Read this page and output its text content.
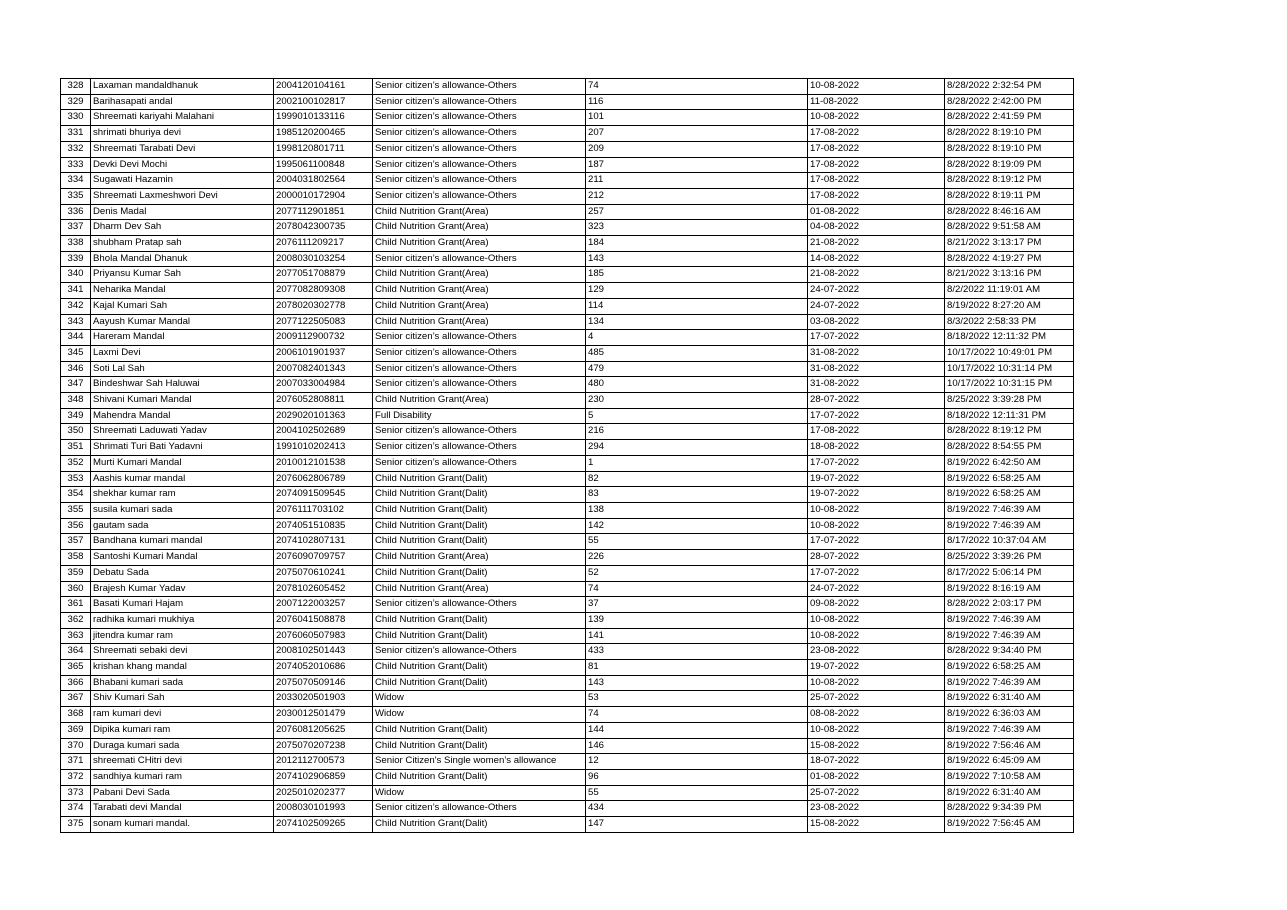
328	Laxaman mandaldhanuk	2004120104161	Senior citizen’s allowance-Others	74	10-08-2022	8/28/2022 2:32:54 PM
329	Barihasapati andal	2002100102817	Senior citizen’s allowance-Others	116	11-08-2022	8/28/2022 2:42:00 PM
330	Shreemati kariyahi Malahani	1999010133116	Senior citizen’s allowance-Others	101	10-08-2022	8/28/2022 2:41:59 PM
331	shrimati bhuriya devi	1985120200465	Senior citizen’s allowance-Others	207	17-08-2022	8/28/2022 8:19:10 PM
332	Shreemati Tarabati Devi	1998120801711	Senior citizen’s allowance-Others	209	17-08-2022	8/28/2022 8:19:10 PM
333	Devki Devi Mochi	1995061100848	Senior citizen’s allowance-Others	187	17-08-2022	8/28/2022 8:19:09 PM
334	Sugawati Hazamin	2004031802564	Senior citizen’s allowance-Others	211	17-08-2022	8/28/2022 8:19:12 PM
335	Shreemati Laxmeshwori Devi	2000010172904	Senior citizen’s allowance-Others	212	17-08-2022	8/28/2022 8:19:11 PM
336	Denis Madal	2077112901851	Child Nutrition Grant(Area)	257	01-08-2022	8/28/2022 8:46:16 AM
337	Dharm Dev Sah	2078042300735	Child Nutrition Grant(Area)	323	04-08-2022	8/28/2022 9:51:58 AM
338	shubham Pratap sah	2076111209217	Child Nutrition Grant(Area)	184	21-08-2022	8/21/2022 3:13:17 PM
339	Bhola Mandal Dhanuk	2008030103254	Senior citizen’s allowance-Others	143	14-08-2022	8/28/2022 4:19:27 PM
340	Priyansu Kumar Sah	2077051708879	Child Nutrition Grant(Area)	185	21-08-2022	8/21/2022 3:13:16 PM
341	Neharika Mandal	2077082809308	Child Nutrition Grant(Area)	129	24-07-2022	8/2/2022 11:19:01 AM
342	Kajal Kumari Sah	2078020302778	Child Nutrition Grant(Area)	114	24-07-2022	8/19/2022 8:27:20 AM
343	Aayush Kumar Mandal	2077122505083	Child Nutrition Grant(Area)	134	03-08-2022	8/3/2022 2:58:33 PM
344	Hareram Mandal	2009112900732	Senior citizen’s allowance-Others	4	17-07-2022	8/18/2022 12:11:32 PM
345	Laxmi Devi	2006101901937	Senior citizen’s allowance-Others	485	31-08-2022	10/17/2022 10:49:01 PM
346	Soti Lal Sah	2007082401343	Senior citizen’s allowance-Others	479	31-08-2022	10/17/2022 10:31:14 PM
347	Bindeshwar Sah Haluwai	2007033004984	Senior citizen’s allowance-Others	480	31-08-2022	10/17/2022 10:31:15 PM
348	Shivani Kumari Mandal	2076052808811	Child Nutrition Grant(Area)	230	28-07-2022	8/25/2022 3:39:28 PM
349	Mahendra Mandal	2029020101363	Full Disability	5	17-07-2022	8/18/2022 12:11:31 PM
350	Shreemati Laduwati Yadav	2004102502689	Senior citizen’s allowance-Others	216	17-08-2022	8/28/2022 8:19:12 PM
351	Shrimati Turi Bati Yadavni	1991010202413	Senior citizen’s allowance-Others	294	18-08-2022	8/28/2022 8:54:55 PM
352	Murti Kumari Mandal	2010012101538	Senior citizen’s allowance-Others	1	17-07-2022	8/19/2022 6:42:50 AM
353	Aashis kumar mandal	2076062806789	Child Nutrition Grant(Dalit)	82	19-07-2022	8/19/2022 6:58:25 AM
354	shekhar kumar ram	2074091509545	Child Nutrition Grant(Dalit)	83	19-07-2022	8/19/2022 6:58:25 AM
355	susila kumari sada	2076111703102	Child Nutrition Grant(Dalit)	138	10-08-2022	8/19/2022 7:46:39 AM
356	gautam sada	2074051510835	Child Nutrition Grant(Dalit)	142	10-08-2022	8/19/2022 7:46:39 AM
357	Bandhana kumari mandal	2074102807131	Child Nutrition Grant(Dalit)	55	17-07-2022	8/17/2022 10:37:04 AM
358	Santoshi Kumari Mandal	2076090709757	Child Nutrition Grant(Area)	226	28-07-2022	8/25/2022 3:39:26 PM
359	Debatu Sada	2075070610241	Child Nutrition Grant(Dalit)	52	17-07-2022	8/17/2022 5:06:14 PM
360	Brajesh Kumar Yadav	2078102605452	Child Nutrition Grant(Area)	74	24-07-2022	8/19/2022 8:16:19 AM
361	Basati Kumari Hajam	2007122003257	Senior citizen’s allowance-Others	37	09-08-2022	8/28/2022 2:03:17 PM
362	radhika kumari mukhiya	2076041508878	Child Nutrition Grant(Dalit)	139	10-08-2022	8/19/2022 7:46:39 AM
363	jitendra kumar ram	2076060507983	Child Nutrition Grant(Dalit)	141	10-08-2022	8/19/2022 7:46:39 AM
364	Shreemati sebaki devi	2008102501443	Senior citizen’s allowance-Others	433	23-08-2022	8/28/2022 9:34:40 PM
365	krishan khang mandal	2074052010686	Child Nutrition Grant(Dalit)	81	19-07-2022	8/19/2022 6:58:25 AM
366	Bhabani kumari sada	2075070509146	Child Nutrition Grant(Dalit)	143	10-08-2022	8/19/2022 7:46:39 AM
367	Shiv Kumari Sah	2033020501903	Widow	53	25-07-2022	8/19/2022 6:31:40 AM
368	ram kumari devi	2030012501479	Widow	74	08-08-2022	8/19/2022 6:36:03 AM
369	Dipika kumari ram	2076081205625	Child Nutrition Grant(Dalit)	144	10-08-2022	8/19/2022 7:46:39 AM
370	Duraga kumari sada	2075070207238	Child Nutrition Grant(Dalit)	146	15-08-2022	8/19/2022 7:56:46 AM
371	shreemati CHitri devi	2012112700573	Senior Citizen's Single women’s allowance	12	18-07-2022	8/19/2022 6:45:09 AM
372	sandhiya kumari ram	2074102906859	Child Nutrition Grant(Dalit)	96	01-08-2022	8/19/2022 7:10:58 AM
373	Pabani Devi Sada	2025010202377	Widow	55	25-07-2022	8/19/2022 6:31:40 AM
374	Tarabati devi Mandal	2008030101993	Senior citizen’s allowance-Others	434	23-08-2022	8/28/2022 9:34:39 PM
375	sonam kumari mandal.	2074102509265	Child Nutrition Grant(Dalit)	147	15-08-2022	8/19/2022 7:56:45 AM
